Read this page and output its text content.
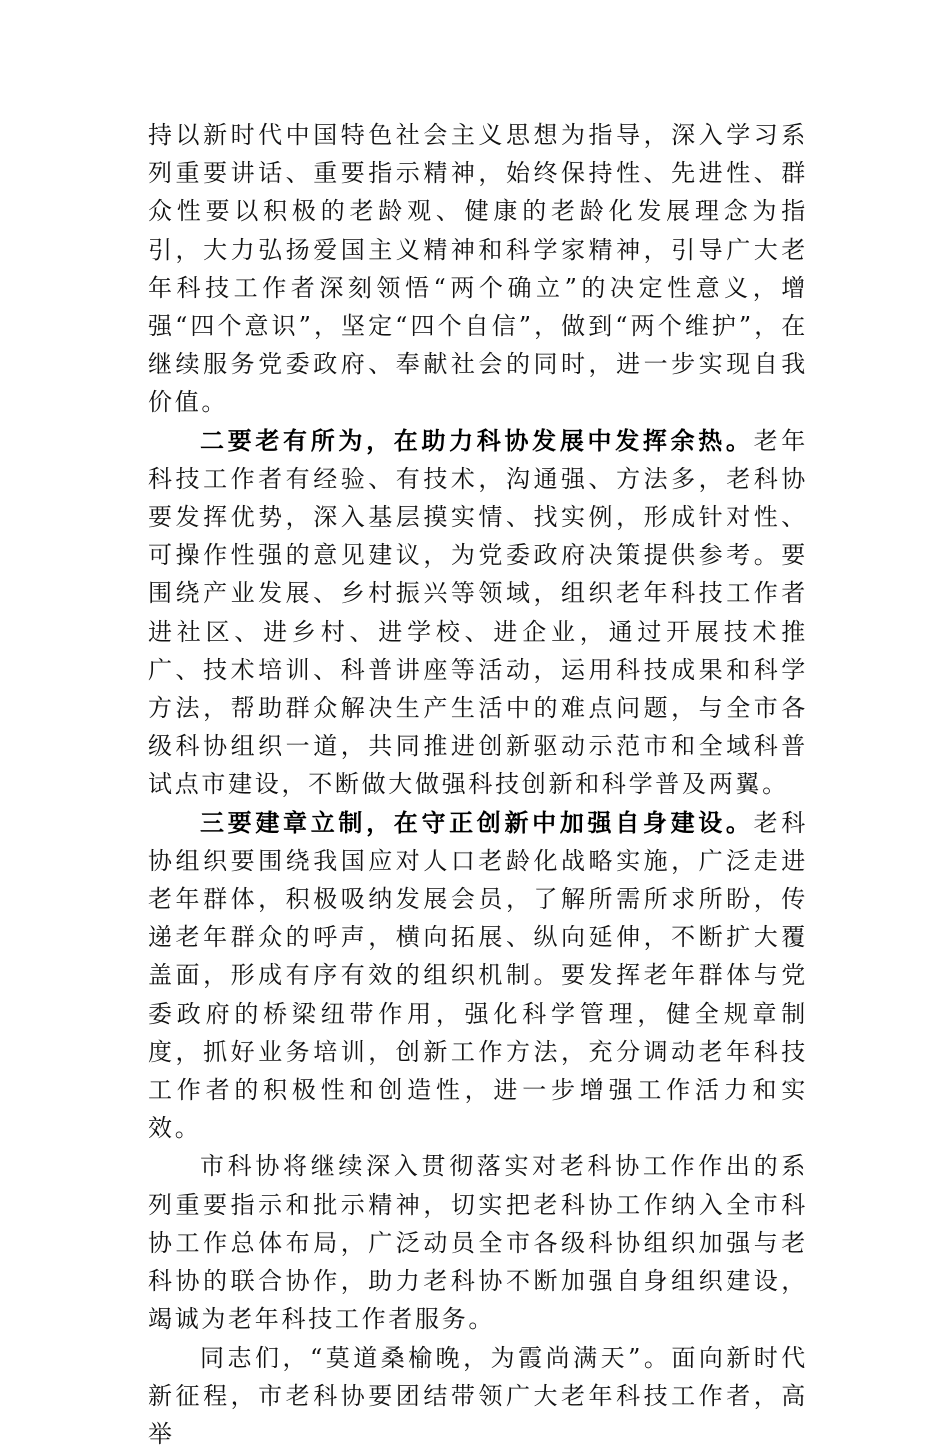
持以新时代中国特色社会主义思想为指导，深入学习系列重要讲话、重要指示精神，始终保持性、先进性、群众性要以积极的老龄观、健康的老龄化发展理念为指引，大力弘扬爱国主义精神和科学家精神，引导广大老年科技工作者深刻领悟“两个确立”的决定性意义，增强“四个意识”，坚定“四个自信”，做到“两个维护”，在继续服务党委政府、奉献社会的同时，进一步实现自我价值。

二要老有所为，在助力科协发展中发挥余热。老年科技工作者有经验、有技术，沟通强、方法多，老科协要发挥优势，深入基层摸实情、找实例，形成针对性、可操作性强的意见建议，为党委政府决策提供参考。要围绕产业发展、乡村振兴等领域，组织老年科技工作者进社区、进乡村、进学校、进企业，通过开展技术推广、技术培训、科普讲座等活动，运用科技成果和科学方法，帮助群众解决生产生活中的难点问题，与全市各级科协组织一道，共同推进创新驱动示范市和全域科普试点市建设，不断做大做强科技创新和科学普及两翼。

三要建章立制，在守正创新中加强自身建设。老科协组织要围绕我国应对人口老龄化战略实施，广泛走进老年群体，积极吸纳发展会员，了解所需所求所盼，传递老年群众的呼声，横向拓展、纵向延伸，不断扩大覆盖面，形成有序有效的组织机制。要发挥老年群体与党委政府的桥梁纽带作用，强化科学管理，健全规章制度，抓好业务培训，创新工作方法，充分调动老年科技工作者的积极性和创造性，进一步增强工作活力和实效。

市科协将继续深入贯彻落实对老科协工作作出的系列重要指示和批示精神，切实把老科协工作纳入全市科协工作总体布局，广泛动员全市各级科协组织加强与老科协的联合协作，助力老科协不断加强自身组织建设，竭诚为老年科技工作者服务。

同志们，“莫道桑榆晚，为霞尚满天”。面向新时代新征程，市老科协要团结带领广大老年科技工作者，高举
